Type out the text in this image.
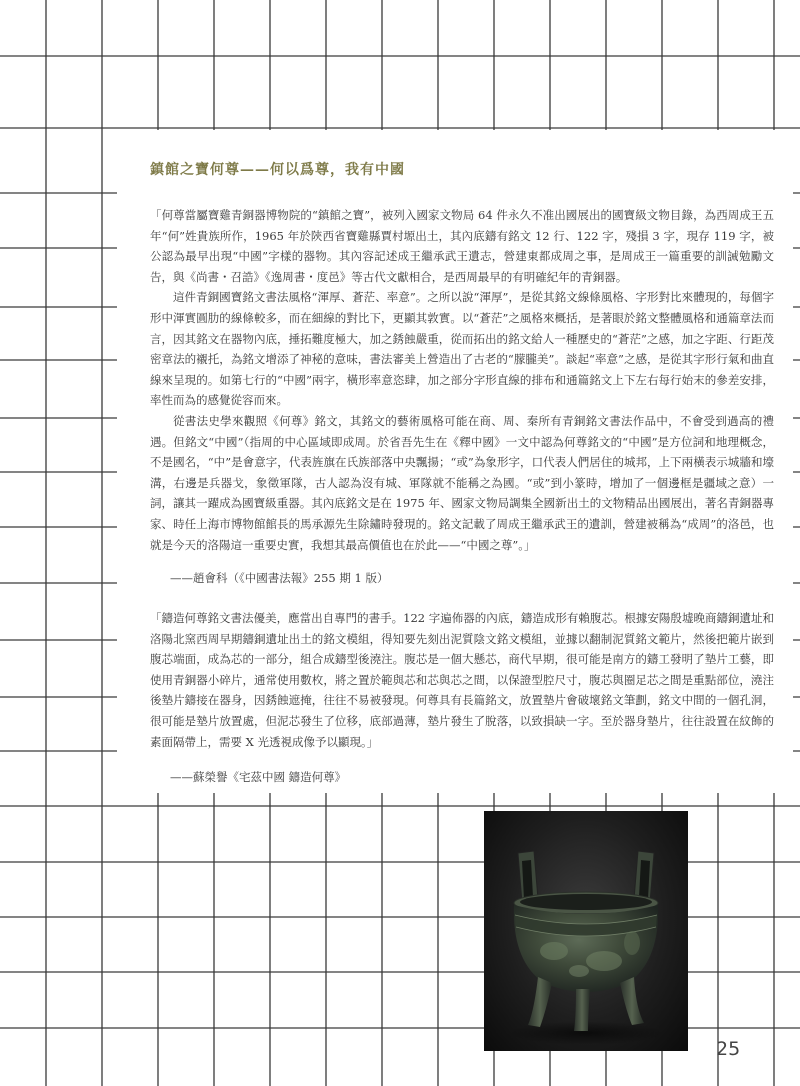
鎮館之寶何尊——何以爲尊，我有中國

「何尊當屬寶雞青銅器博物院的“鎮館之寶”，被列入國家文物局 64 件永久不准出國展出的國寶級文物目錄，為西周成王五年“何”姓貴族所作，1965 年於陝西省寶雞縣賈村塬出土，其內底鑄有銘文 12 行、122 字，殘損 3 字，現存 119 字，被公認為最早出現“中國”字樣的器物。其內容記述成王繼承武王遺志，營建東都成周之事，是周成王一篇重要的訓誡勉勵文告，與《尚書・召誥》《逸周書・度邑》等古代文獻相合，是西周最早的有明確紀年的青銅器。

這件青銅國寶銘文書法風格“渾厚、蒼茫、率意”。之所以說“渾厚”，是從其銘文線條風格、字形對比來體現的，每個字形中渾實圓肋的線條較多，而在細線的對比下，更顯其敦實。以“蒼茫”之風格來概括，是著眼於銘文整體風格和通篇章法而言，因其銘文在器物內底，捶拓難度極大，加之銹蝕嚴重，從而拓出的銘文給人一種歷史的“蒼茫”之感，加之字距、行距茂密章法的襯托，為銘文增添了神秘的意味，書法審美上營造出了古老的“朦朧美”。談起“率意”之感，是從其字形行氣和曲直線來呈現的。如第七行的“中國”兩字，橫形率意恣肆，加之部分字形直線的排布和通篇銘文上下左右每行始末的參差安排，率性而為的感覺從容而來。

從書法史學來觀照《何尊》銘文，其銘文的藝術風格可能在商、周、秦所有青銅銘文書法作品中，不會受到過高的禮遇。但銘文“中國”（指周的中心區域即成周。於省吾先生在《釋中國》一文中認為何尊銘文的“中國”是方位詞和地理概念，不是國名，“中”是會意字，代表旌旗在氏族部落中央飄揚；“或”為象形字，口代表人們居住的城邦，上下兩橫表示城牆和壕溝，右邊是兵器戈，象徵軍隊，古人認為沒有城、軍隊就不能稱之為國。“或”到小篆時，增加了一個邊框是疆域之意）一詞，讓其一躍成為國寶級重器。其內底銘文是在 1975 年、國家文物局調集全國新出土的文物精品出國展出，著名青銅器專家、時任上海市博物館館長的馬承源先生除鏽時發現的。銘文記載了周成王繼承武王的遺訓，營建被稱為“成周”的洛邑，也就是今天的洛陽這一重要史實，我想其最高價值也在於此——“中國之尊”。」

——趙會科（《中國書法報》255 期 1 版）

「鑄造何尊銘文書法優美，應當出自專門的書手。122 字遍佈器的內底，鑄造成形有賴腹芯。根據安陽殷墟晚商鑄銅遺址和洛陽北窯西周早期鑄銅遺址出土的銘文模組，得知要先刻出泥質陰文銘文模組，並據以翻制泥質銘文範片，然後把範片嵌到腹芯端面，成為芯的一部分，組合成鑄型後澆注。腹芯是一個大懸芯，商代早期，很可能是南方的鑄工發明了墊片工藝，即使用青銅器小碎片，通常使用數枚，將之置於範與芯和芯與芯之間，以保證型腔尺寸，腹芯與圈足芯之間是重點部位，澆注後墊片鑄接在器身，因銹蝕遮掩，往往不易被發現。何尊具有長篇銘文，放置墊片會破壞銘文筆劃，銘文中間的一個孔洞，很可能是墊片放置處，但泥芯發生了位移，底部過薄，墊片發生了脫落，以致損缺一字。至於器身墊片，往往設置在紋飾的素面隔帶上，需要 X 光透視成像予以顯現。」

——蘇榮譽《宅茲中國 鑄造何尊》

25
